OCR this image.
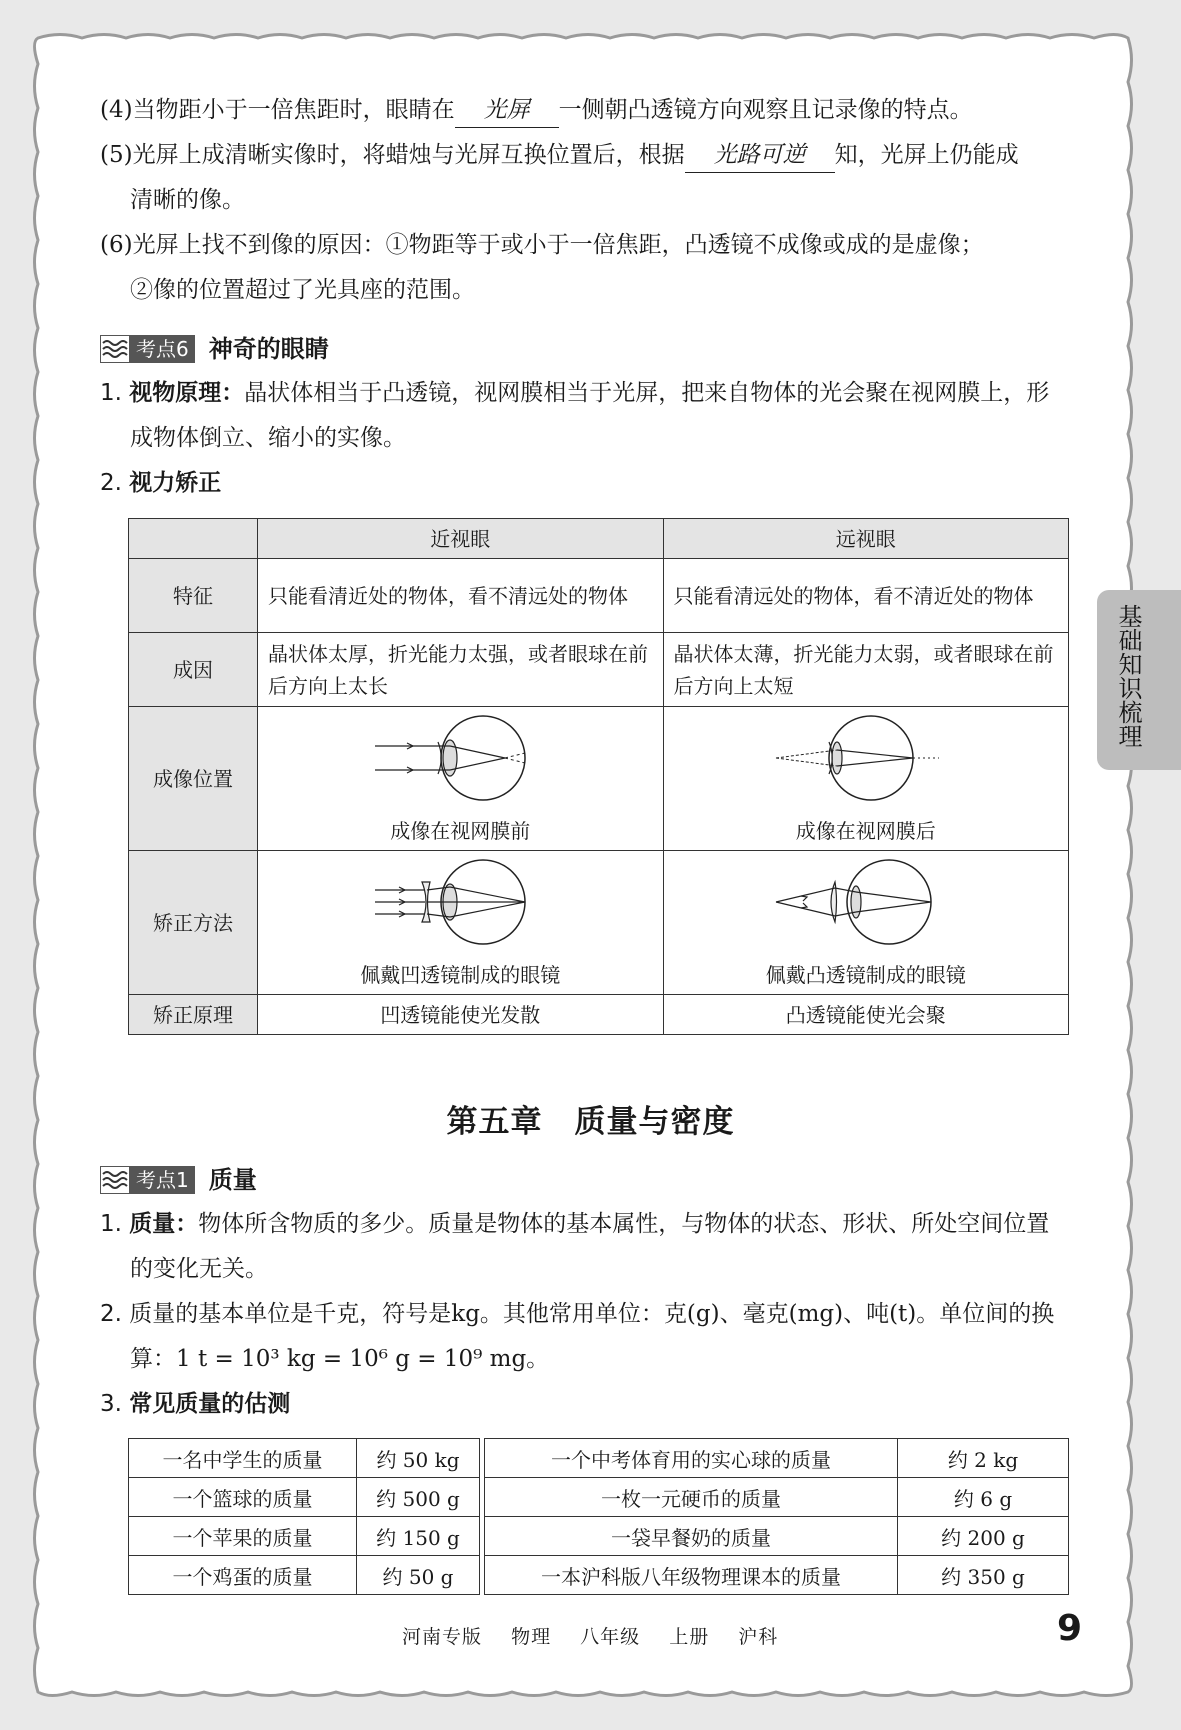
(4)当物距小于一倍焦距时，眼睛在 光屏 一侧朝凸透镜方向观察且记录像的特点。

(5)光屏上成清晰实像时，将蜡烛与光屏互换位置后，根据 光路可逆 知，光屏上仍能成

清晰的像。

(6)光屏上找不到像的原因：①物距等于或小于一倍焦距，凸透镜不成像或成的是虚像；

②像的位置超过了光具座的范围。

考点6 神奇的眼睛

1. 视物原理：晶状体相当于凸透镜，视网膜相当于光屏，把来自物体的光会聚在视网膜上，形

成物体倒立、缩小的实像。

2. 视力矫正

	近视眼	远视眼
特征	只能看清近处的物体，看不清远处的物体	只能看清远处的物体，看不清近处的物体
成因	晶状体太厚，折光能力太强，或者眼球在前后方向上太长	晶状体太薄，折光能力太弱，或者眼球在前后方向上太短
成像位置	成像在视网膜前	成像在视网膜后

矫正方法	佩戴凹透镜制成的眼镜	佩戴凸透镜制成的眼镜

矫正原理	凹透镜能使光发散	凸透镜能使光会聚
第五章　质量与密度
考点1 质量

1. 质量：物体所含物质的多少。质量是物体的基本属性，与物体的状态、形状、所处空间位置

的变化无关。

2. 质量的基本单位是千克，符号是kg。其他常用单位：克(g)、毫克(mg)、吨(t)。单位间的换

算：1 t = 10³ kg = 10⁶ g = 10⁹ mg。

3. 常见质量的估测

一名中学生的质量	约 50 kg		一个中考体育用的实心球的质量	约 2 kg
一个篮球的质量	约 500 g		一枚一元硬币的质量	约 6 g
一个苹果的质量	约 150 g		一袋早餐奶的质量	约 200 g
一个鸡蛋的质量	约 50 g		一本沪科版八年级物理课本的质量	约 350 g
基础知识梳理
河南专版 物理 八年级 上册 沪科	9
